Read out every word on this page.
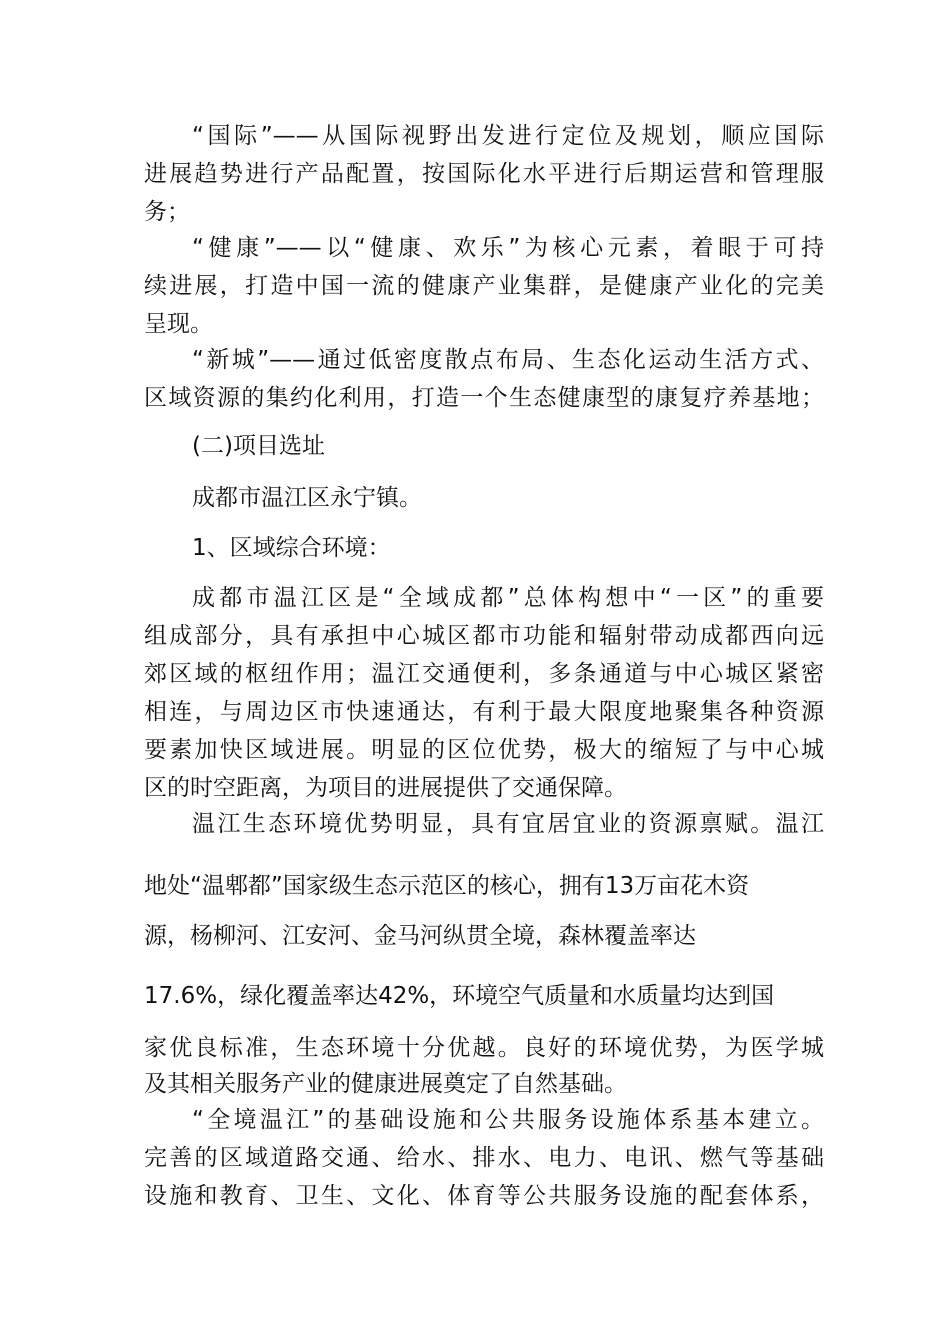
“国际”——从国际视野出发进行定位及规划，顺应国际
进展趋势进行产品配置，按国际化水平进行后期运营和管理服
务；
“健康”——以“健康、欢乐”为核心元素，着眼于可持
续进展，打造中国一流的健康产业集群，是健康产业化的完美
呈现。
“新城”——通过低密度散点布局、生态化运动生活方式、
区域资源的集约化利用，打造一个生态健康型的康复疗养基地；
(二)项目选址
成都市温江区永宁镇。
1、区域综合环境：
成都市温江区是“全域成都”总体构想中“一区”的重要
组成部分，具有承担中心城区都市功能和辐射带动成都西向远
郊区域的枢纽作用；温江交通便利，多条通道与中心城区紧密
相连，与周边区市快速通达，有利于最大限度地聚集各种资源
要素加快区域进展。明显的区位优势，极大的缩短了与中心城
区的时空距离，为项目的进展提供了交通保障。
温江生态环境优势明显，具有宜居宜业的资源禀赋。温江
地处“温郫都”国家级生态示范区的核心，拥有13万亩花木资
源，杨柳河、江安河、金马河纵贯全境，森林覆盖率达
17.6%，绿化覆盖率达42%，环境空气质量和水质量均达到国
家优良标准，生态环境十分优越。良好的环境优势，为医学城
及其相关服务产业的健康进展奠定了自然基础。
“全境温江”的基础设施和公共服务设施体系基本建立。
完善的区域道路交通、给水、排水、电力、电讯、燃气等基础
设施和教育、卫生、文化、体育等公共服务设施的配套体系，
